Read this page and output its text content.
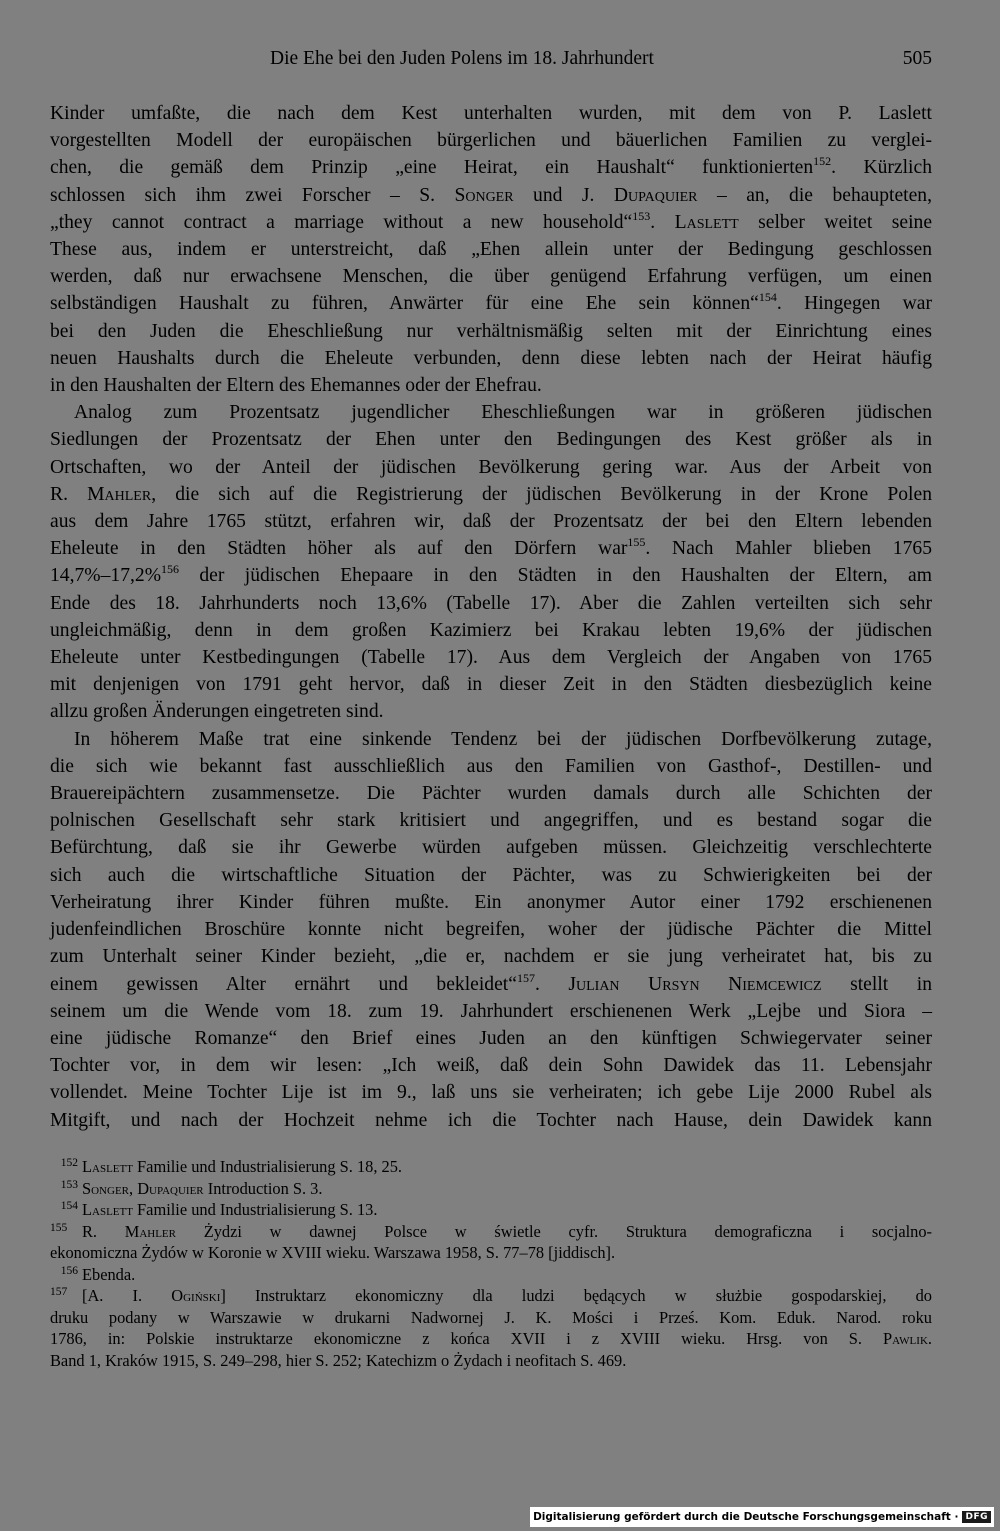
Die Ehe bei den Juden Polens im 18. Jahrhundert	505
Kinder umfaßte, die nach dem Kest unterhalten wurden, mit dem von P. Laslett
vorgestellten Modell der europäischen bürgerlichen und bäuerlichen Familien zu verglei-
chen, die gemäß dem Prinzip „eine Heirat, ein Haushalt“ funktionierten$^{152}$. Kürzlich
schlossen sich ihm zwei Forscher – S. Songer und J. Dupaquier – an, die behaupteten,
„they cannot contract a marriage without a new household“$^{153}$. Laslett selber weitet seine
These aus, indem er unterstreicht, daß „Ehen allein unter der Bedingung geschlossen
werden, daß nur erwachsene Menschen, die über genügend Erfahrung verfügen, um einen
selbständigen Haushalt zu führen, Anwärter für eine Ehe sein können“$^{154}$. Hingegen war
bei den Juden die Eheschließung nur verhältnismäßig selten mit der Einrichtung eines
neuen Haushalts durch die Eheleute verbunden, denn diese lebten nach der Heirat häufig
in den Haushalten der Eltern des Ehemannes oder der Ehefrau.
Analog zum Prozentsatz jugendlicher Eheschließungen war in größeren jüdischen
Siedlungen der Prozentsatz der Ehen unter den Bedingungen des Kest größer als in
Ortschaften, wo der Anteil der jüdischen Bevölkerung gering war. Aus der Arbeit von
R. Mahler, die sich auf die Registrierung der jüdischen Bevölkerung in der Krone Polen
aus dem Jahre 1765 stützt, erfahren wir, daß der Prozentsatz der bei den Eltern lebenden
Eheleute in den Städten höher als auf den Dörfern war$^{155}$. Nach Mahler blieben 1765
14,7%–17,2%$^{156}$ der jüdischen Ehepaare in den Städten in den Haushalten der Eltern, am
Ende des 18. Jahrhunderts noch 13,6% (Tabelle 17). Aber die Zahlen verteilten sich sehr
ungleichmäßig, denn in dem großen Kazimierz bei Krakau lebten 19,6% der jüdischen
Eheleute unter Kestbedingungen (Tabelle 17). Aus dem Vergleich der Angaben von 1765
mit denjenigen von 1791 geht hervor, daß in dieser Zeit in den Städten diesbezüglich keine
allzu großen Änderungen eingetreten sind.
In höherem Maße trat eine sinkende Tendenz bei der jüdischen Dorfbevölkerung zutage,
die sich wie bekannt fast ausschließlich aus den Familien von Gasthof-, Destillen- und
Brauereipächtern zusammensetze. Die Pächter wurden damals durch alle Schichten der
polnischen Gesellschaft sehr stark kritisiert und angegriffen, und es bestand sogar die
Befürchtung, daß sie ihr Gewerbe würden aufgeben müssen. Gleichzeitig verschlechterte
sich auch die wirtschaftliche Situation der Pächter, was zu Schwierigkeiten bei der
Verheiratung ihrer Kinder führen mußte. Ein anonymer Autor einer 1792 erschienenen
judenfeindlichen Broschüre konnte nicht begreifen, woher der jüdische Pächter die Mittel
zum Unterhalt seiner Kinder bezieht, „die er, nachdem er sie jung verheiratet hat, bis zu
einem gewissen Alter ernährt und bekleidet“$^{157}$. Julian Ursyn Niemcewicz stellt in
seinem um die Wende vom 18. zum 19. Jahrhundert erschienenen Werk „Lejbe und Siora –
eine jüdische Romanze“ den Brief eines Juden an den künftigen Schwiegervater seiner
Tochter vor, in dem wir lesen: „Ich weiß, daß dein Sohn Dawidek das 11. Lebensjahr
vollendet. Meine Tochter Lije ist im 9., laß uns sie verheiraten; ich gebe Lije 2000 Rubel als
Mitgift, und nach der Hochzeit nehme ich die Tochter nach Hause, dein Dawidek kann
152 Laslett Familie und Industrialisierung S. 18, 25.
153 Songer, Dupaquier Introduction S. 3.
154 Laslett Familie und Industrialisierung S. 13.
155 R. Mahler Żydzi w dawnej Polsce w świetle cyfr. Struktura demograficzna i socjalno-
ekonomiczna Żydów w Koronie w XVIII wieku. Warszawa 1958, S. 77–78 [jiddisch].
156 Ebenda.
157 [A. I. Ogiński] Instruktarz ekonomiczny dla ludzi będących w służbie gospodarskiej, do
druku podany w Warszawie w drukarni Nadwornej J. K. Mości i Prześ. Kom. Eduk. Narod. roku
1786, in: Polskie instruktarze ekonomiczne z końca XVII i z XVIII wieku. Hrsg. von S. Pawlik.
Band 1, Kraków 1915, S. 249–298, hier S. 252; Katechizm o Żydach i neofitach S. 469.
Digitalisierung gefördert durch die Deutsche Forschungsgemeinschaft · DFG
